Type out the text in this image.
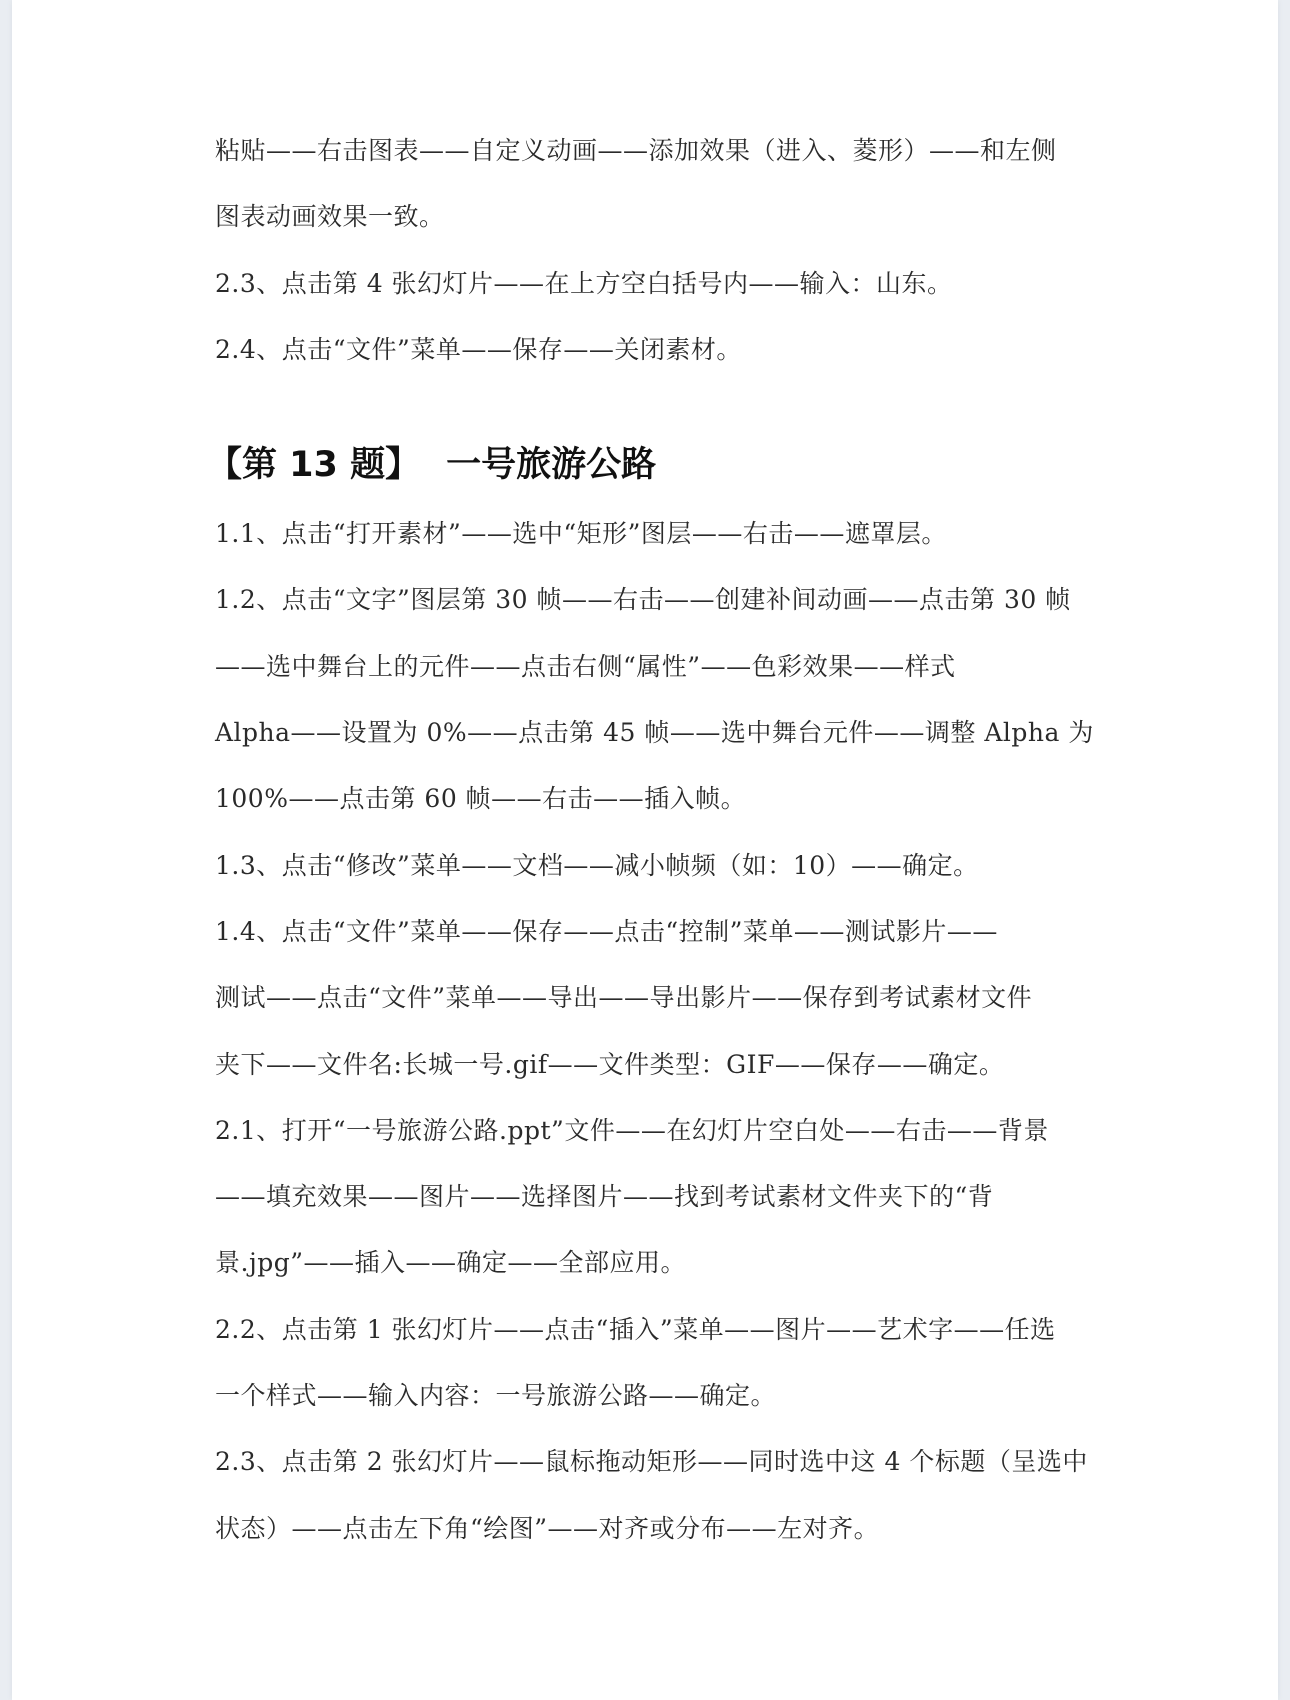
粘贴——右击图表——自定义动画——添加效果（进入、菱形）——和左侧
图表动画效果一致。
2.3、点击第 4 张幻灯片——在上方空白括号内——输入：山东。
2.4、点击“文件”菜单——保存——关闭素材。
【第 13 题】 一号旅游公路
1.1、点击“打开素材”——选中“矩形”图层——右击——遮罩层。
1.2、点击“文字”图层第 30 帧——右击——创建补间动画——点击第 30 帧
——选中舞台上的元件——点击右侧“属性”——色彩效果——样式
Alpha——设置为 0%——点击第 45 帧——选中舞台元件——调整 Alpha 为
100%——点击第 60 帧——右击——插入帧。
1.3、点击“修改”菜单——文档——减小帧频（如：10）——确定。
1.4、点击“文件”菜单——保存——点击“控制”菜单——测试影片——
测试——点击“文件”菜单——导出——导出影片——保存到考试素材文件
夹下——文件名:长城一号.gif——文件类型：GIF——保存——确定。
2.1、打开“一号旅游公路.ppt”文件——在幻灯片空白处——右击——背景
——填充效果——图片——选择图片——找到考试素材文件夹下的“背
景.jpg”——插入——确定——全部应用。
2.2、点击第 1 张幻灯片——点击“插入”菜单——图片——艺术字——任选
一个样式——输入内容：一号旅游公路——确定。
2.3、点击第 2 张幻灯片——鼠标拖动矩形——同时选中这 4 个标题（呈选中
状态）——点击左下角“绘图”——对齐或分布——左对齐。
